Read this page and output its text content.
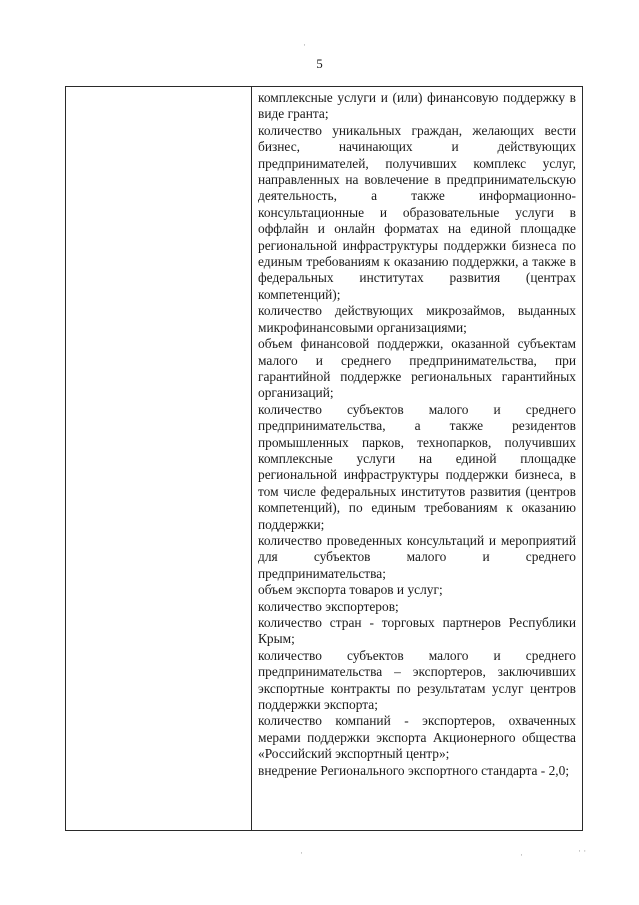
5

комплексные услуги и (или) финансовую поддержку в виде гранта;

количество уникальных граждан, желающих вести бизнес, начинающих и действующих предпринимателей, получивших комплекс услуг, направленных на вовлечение в предпринимательскую деятельность, а также информационно-консультационные и образовательные услуги в оффлайн и онлайн форматах на единой площадке региональной инфраструктуры поддержки бизнеса по единым требованиям к оказанию поддержки, а также в федеральных институтах развития (центрах компетенций);

количество действующих микрозаймов, выданных микрофинансовыми организациями;

объем финансовой поддержки, оказанной субъектам малого и среднего предпринимательства, при гарантийной поддержке региональных гарантийных организаций;

количество субъектов малого и среднего предпринимательства, а также резидентов промышленных парков, технопарков, получивших комплексные услуги на единой площадке региональной инфраструктуры поддержки бизнеса, в том числе федеральных институтов развития (центров компетенций), по единым требованиям к оказанию поддержки;

количество проведенных консультаций и мероприятий для субъектов малого и среднего предпринимательства;

объем экспорта товаров и услуг;

количество экспортеров;

количество стран - торговых партнеров Республики Крым;

количество субъектов малого и среднего предпринимательства – экспортеров, заключивших экспортные контракты по результатам услуг центров поддержки экспорта;

количество компаний - экспортеров, охваченных мерами поддержки экспорта Акционерного общества «Российский экспортный центр»;

внедрение Регионального экспортного стандарта - 2,0;

·	·	· ·
·
